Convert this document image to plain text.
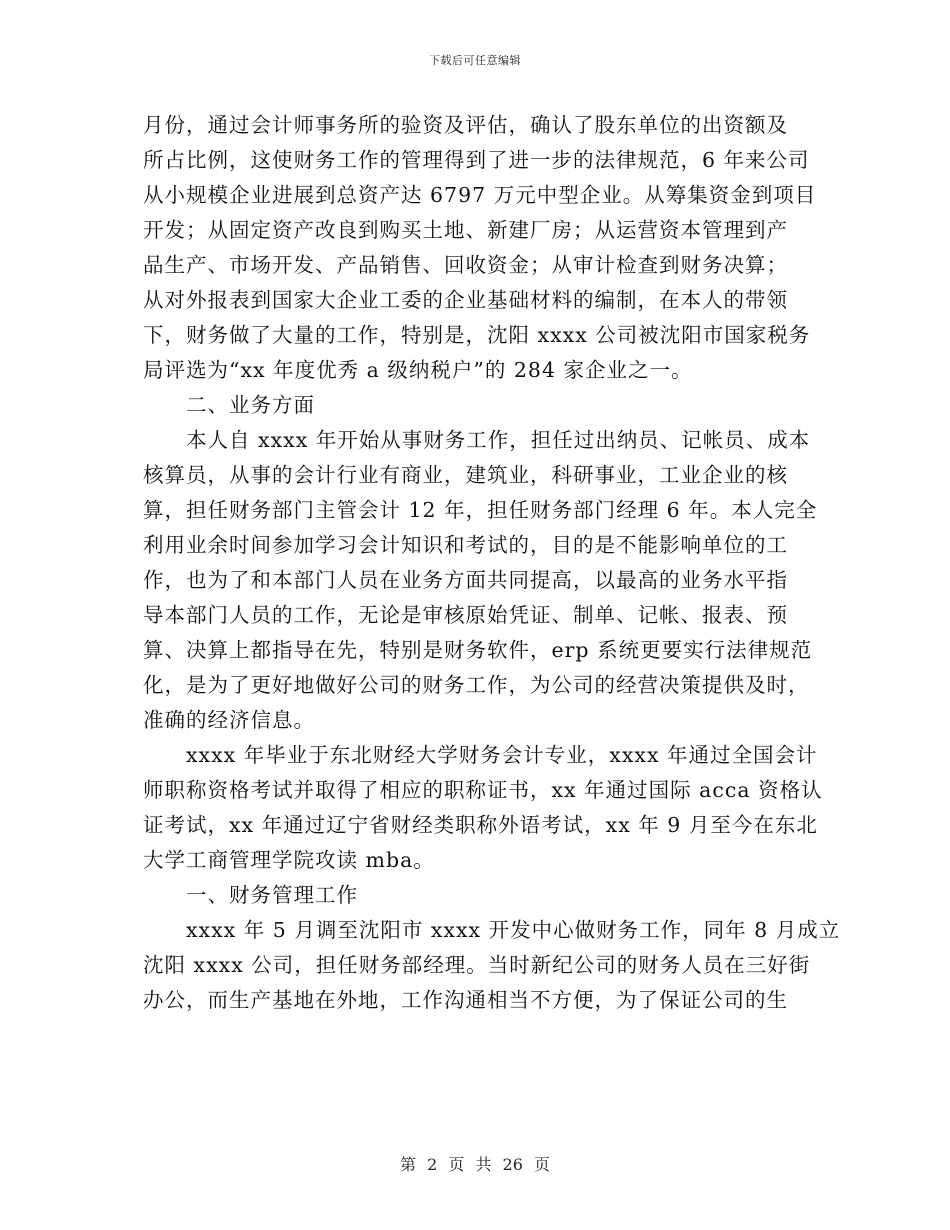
下载后可任意编辑
月份，通过会计师事务所的验资及评估，确认了股东单位的出资额及
所占比例，这使财务工作的管理得到了进一步的法律规范，6 年来公司
从小规模企业进展到总资产达 6797 万元中型企业。从筹集资金到项目
开发；从固定资产改良到购买土地、新建厂房；从运营资本管理到产
品生产、市场开发、产品销售、回收资金；从审计检查到财务决算；
从对外报表到国家大企业工委的企业基础材料的编制，在本人的带领
下，财务做了大量的工作，特别是，沈阳 xxxx 公司被沈阳市国家税务
局评选为“xx 年度优秀 a 级纳税户”的 284 家企业之一。
　　二、业务方面
　　本人自 xxxx 年开始从事财务工作，担任过出纳员、记帐员、成本
核算员，从事的会计行业有商业，建筑业，科研事业，工业企业的核
算，担任财务部门主管会计 12 年，担任财务部门经理 6 年。本人完全
利用业余时间参加学习会计知识和考试的，目的是不能影响单位的工
作，也为了和本部门人员在业务方面共同提高，以最高的业务水平指
导本部门人员的工作，无论是审核原始凭证、制单、记帐、报表、预
算、决算上都指导在先，特别是财务软件，erp 系统更要实行法律规范
化，是为了更好地做好公司的财务工作，为公司的经营决策提供及时，
准确的经济信息。
　　xxxx 年毕业于东北财经大学财务会计专业，xxxx 年通过全国会计
师职称资格考试并取得了相应的职称证书，xx 年通过国际 acca 资格认
证考试，xx 年通过辽宁省财经类职称外语考试，xx 年 9 月至今在东北
大学工商管理学院攻读 mba。
　　一、财务管理工作
　　xxxx 年 5 月调至沈阳市 xxxx 开发中心做财务工作，同年 8 月成立
沈阳 xxxx 公司，担任财务部经理。当时新纪公司的财务人员在三好街
办公，而生产基地在外地，工作沟通相当不方便，为了保证公司的生
第 2 页 共 26 页
